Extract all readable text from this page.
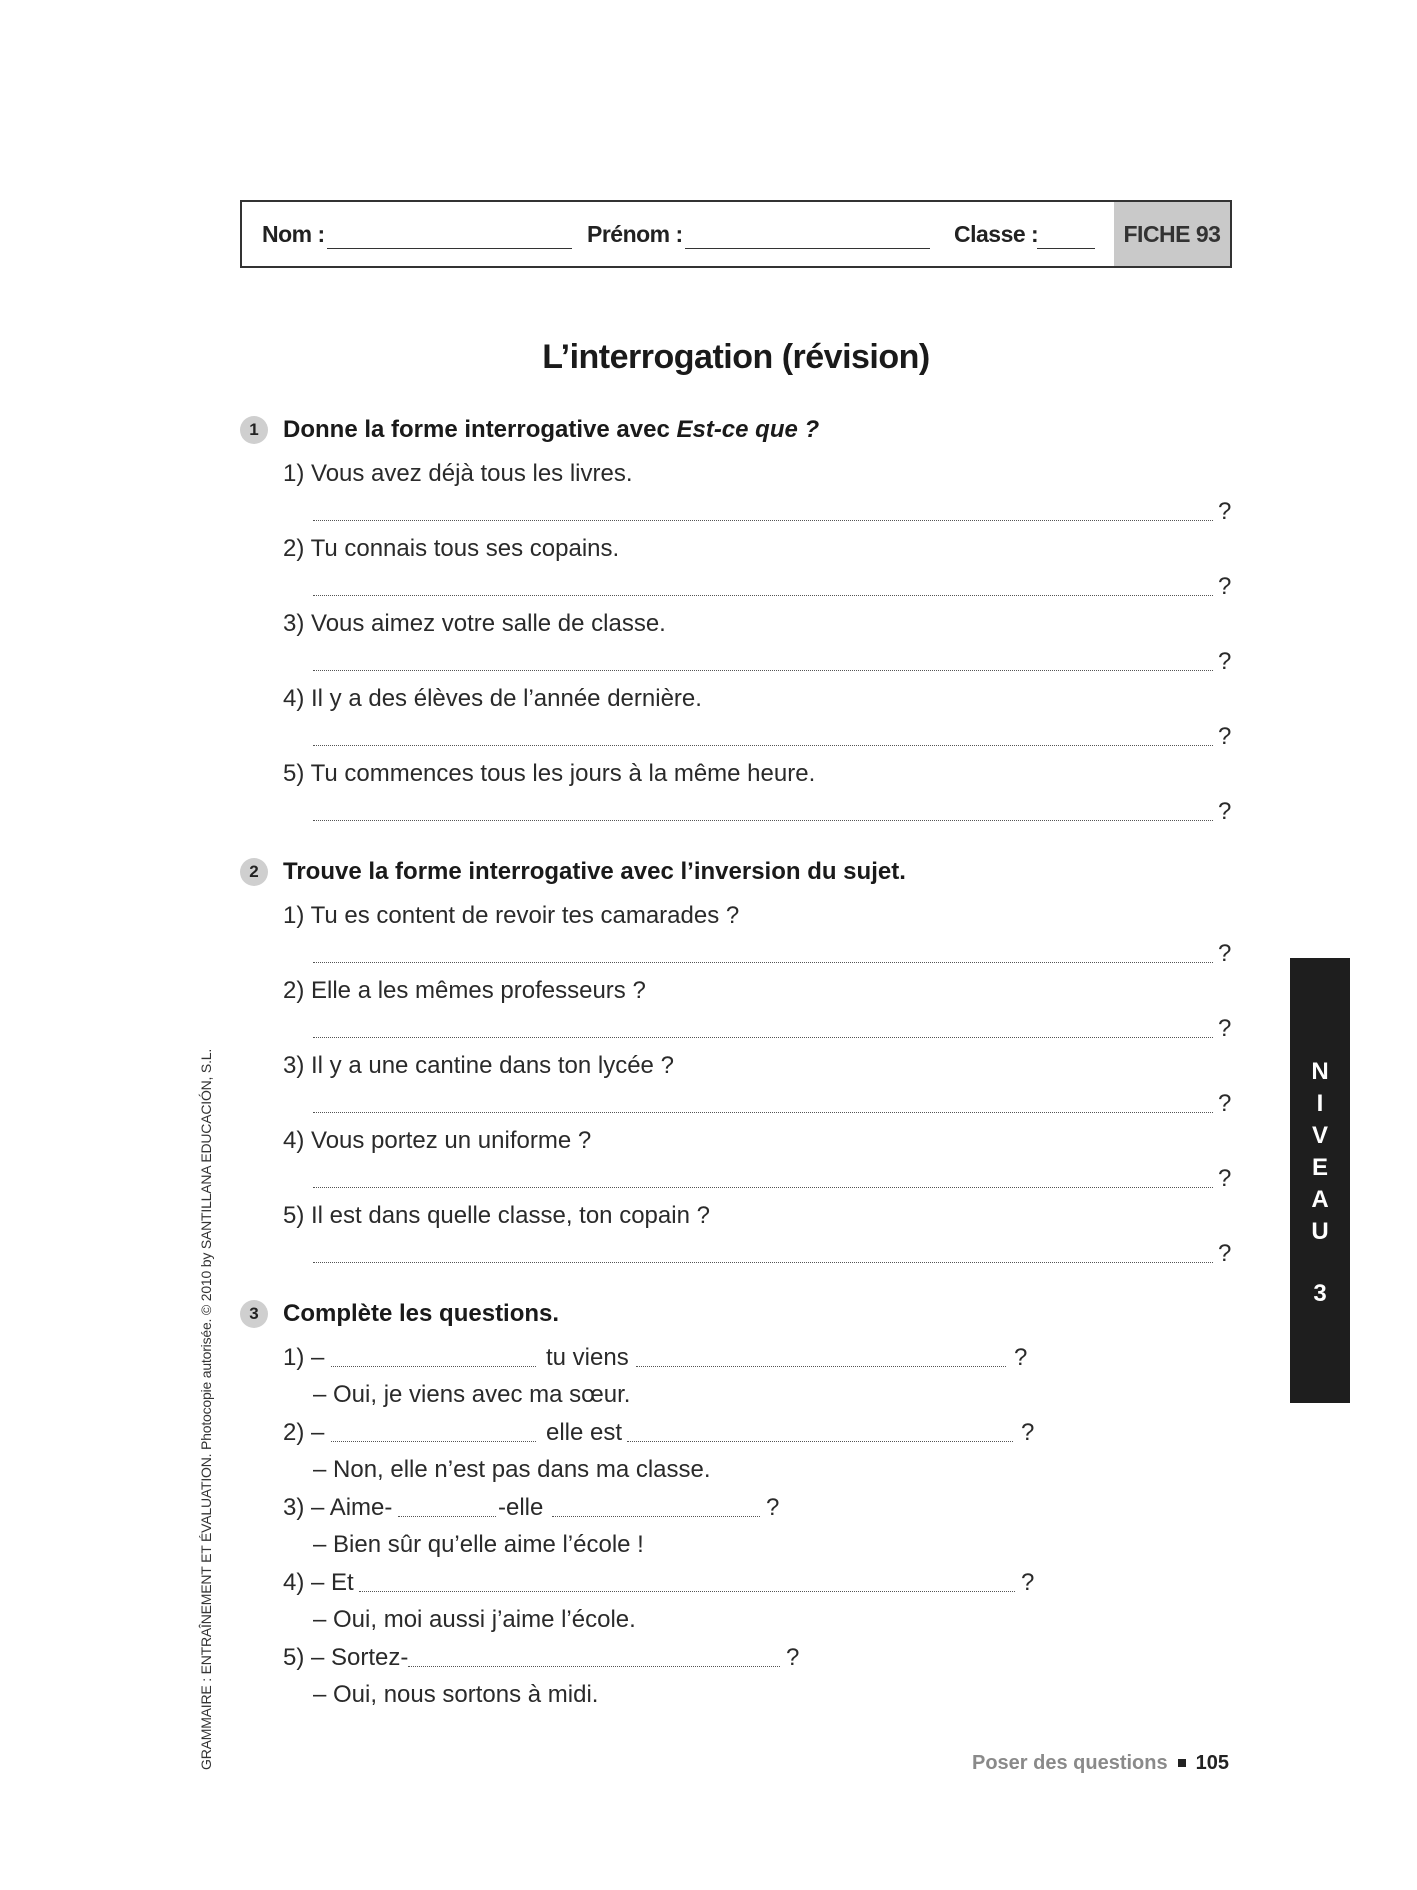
Nom :	Prénom :	Classe :	FICHE 93
L’interrogation (révision)
1	Donne la forme interrogative avec Est-ce que ?
1) Vous avez déjà tous les livres.
?
2) Tu connais tous ses copains.
?
3) Vous aimez votre salle de classe.
?
4) Il y a des élèves de l’année dernière.
?
5) Tu commences tous les jours à la même heure.
?
2	Trouve la forme interrogative avec l’inversion du sujet.
1) Tu es content de revoir tes camarades ?
?
2) Elle a les mêmes professeurs ?
?
3) Il y a une cantine dans ton lycée ?
?
4) Vous portez un uniforme ?
?
5) Il est dans quelle classe, ton copain ?
?
3	Complète les questions.
1) –	tu viens	?
– Oui, je viens avec ma sœur.
2) –	elle est	?
– Non, elle n’est pas dans ma classe.
3) – Aime-	-elle	?
– Bien sûr qu’elle aime l’école !
4) – Et	?
– Oui, moi aussi j’aime l’école.
5) – Sortez-	?
– Oui, nous sortons à midi.
N
I
V
E
A
U
3
GRAMMAIRE : ENTRAÎNEMENT ET ÉVALUATION. Photocopie autorisée. © 2010 by SANTILLANA EDUCACIÓN, S.L.	Poser des questions 105
